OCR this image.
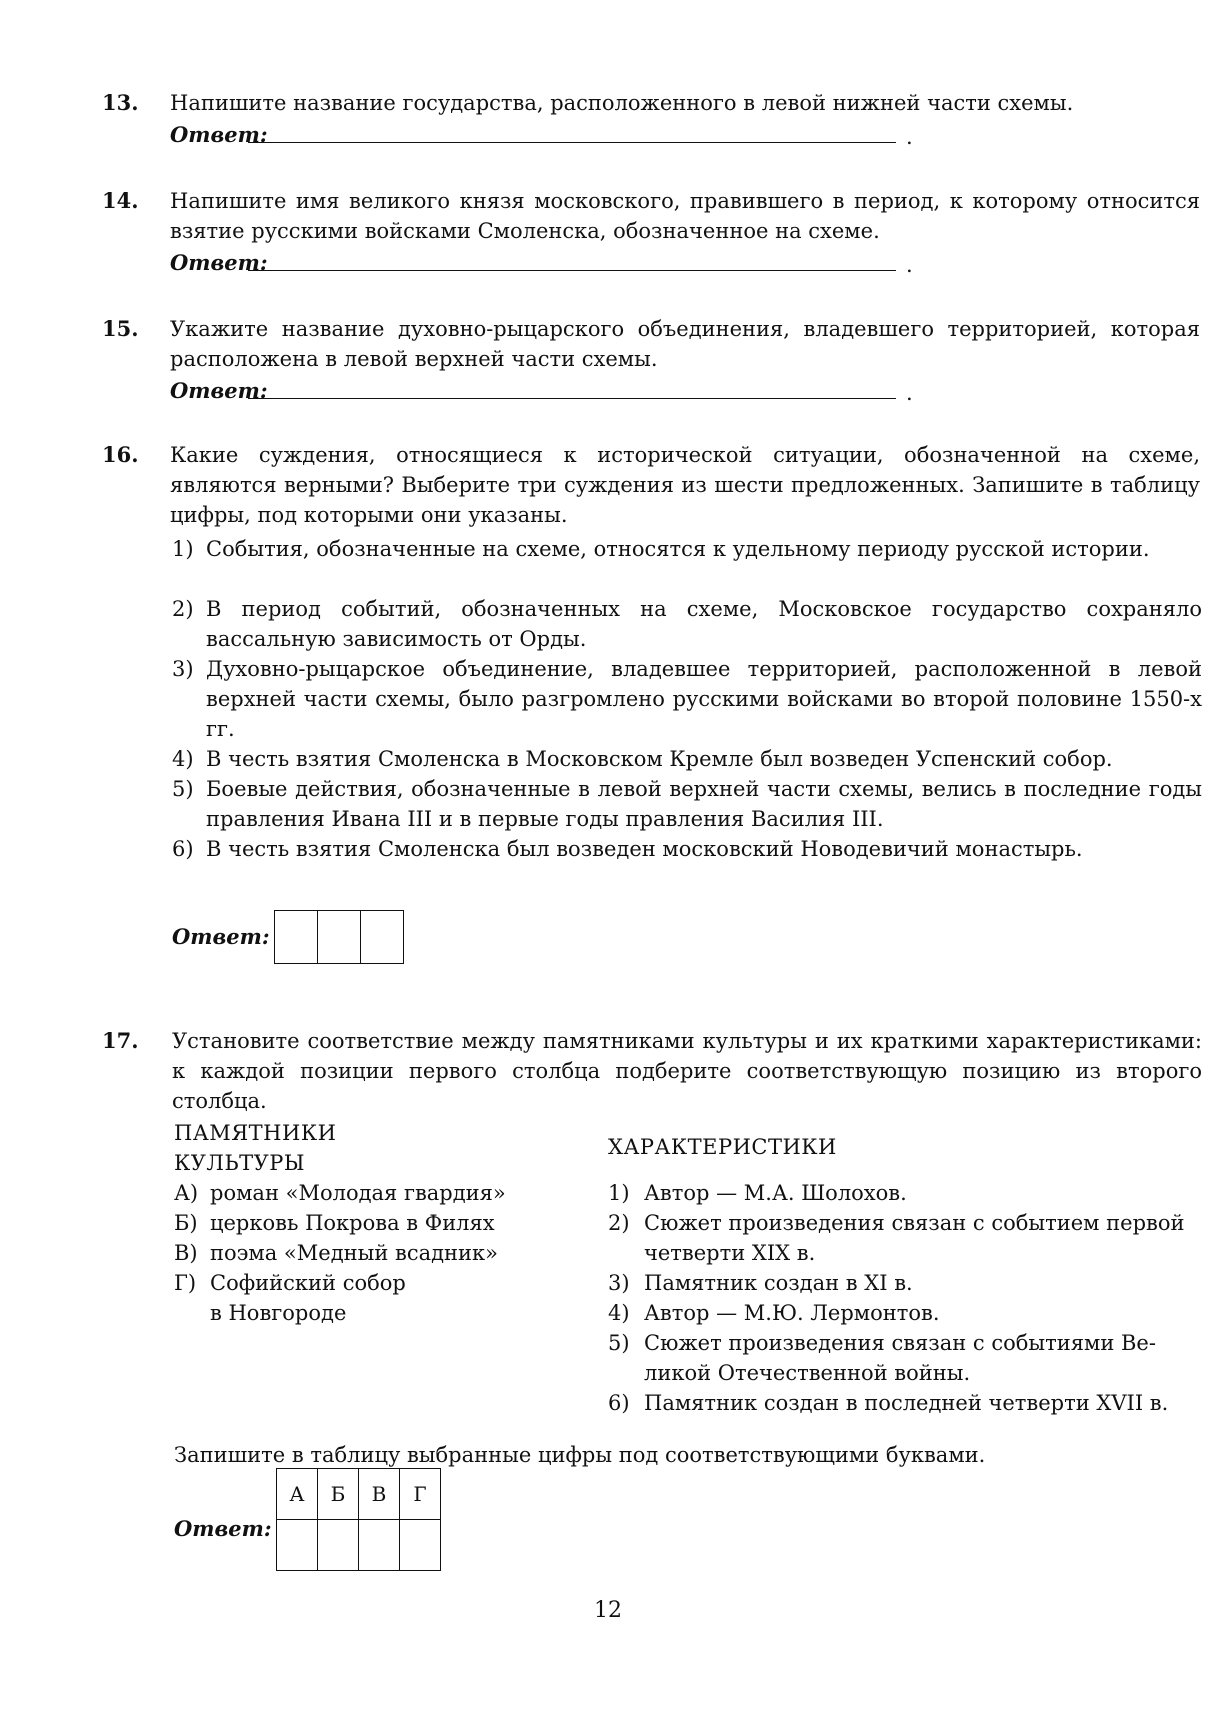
13. Напишите название государства, расположенного в левой нижней части схемы.
Ответ:	.
14. Напишите имя великого князя московского, правившего в период, к которому относится взятие русскими войсками Смоленска, обозначенное на схеме.
Ответ:	.
15. Укажите название духовно-рыцарского объединения, владевшего территорией, которая расположена в левой верхней части схемы.
Ответ:	.
16. Какие суждения, относящиеся к исторической ситуации, обозначенной на схеме, являются верными? Выберите три суждения из шести предложенных. Запишите в таблицу цифры, под которыми они указаны.
1) События, обозначенные на схеме, относятся к удельному периоду русской истории.
2) В период событий, обозначенных на схеме, Московское государство сохраняло вассальную зависимость от Орды.
3) Духовно-рыцарское объединение, владевшее территорией, расположенной в левой верхней части схемы, было разгромлено русскими войсками во второй половине 1550-х гг.
4) В честь взятия Смоленска в Московском Кремле был возведен Успенский собор.
5) Боевые действия, обозначенные в левой верхней части схемы, велись в последние годы правления Ивана III и в первые годы правления Василия III.
6) В честь взятия Смоленска был возведен московский Новодевичий монастырь.
Ответ:
17. Установите соответствие между памятниками культуры и их краткими характеристиками: к каждой позиции первого столбца подберите соответствующую позицию из второго столбца.
ПАМЯТНИКИ
КУЛЬТУРЫ
ХАРАКТЕРИСТИКИ
А) роман «Молодая гвардия»
Б) церковь Покрова в Филях
В) поэма «Медный всадник»
Г) Софийский собор
в Новгороде
1) Автор — М.А. Шолохов.
2) Сюжет произведения связан с событием первой
четверти XIX в.
3) Памятник создан в XI в.
4) Автор — М.Ю. Лермонтов.
5) Сюжет произведения связан с событиями Ве-
ликой Отечественной войны.
6) Памятник создан в последней четверти XVII в.
Запишите в таблицу выбранные цифры под соответствующими буквами.
Ответ:
А	Б	В	Г

12
